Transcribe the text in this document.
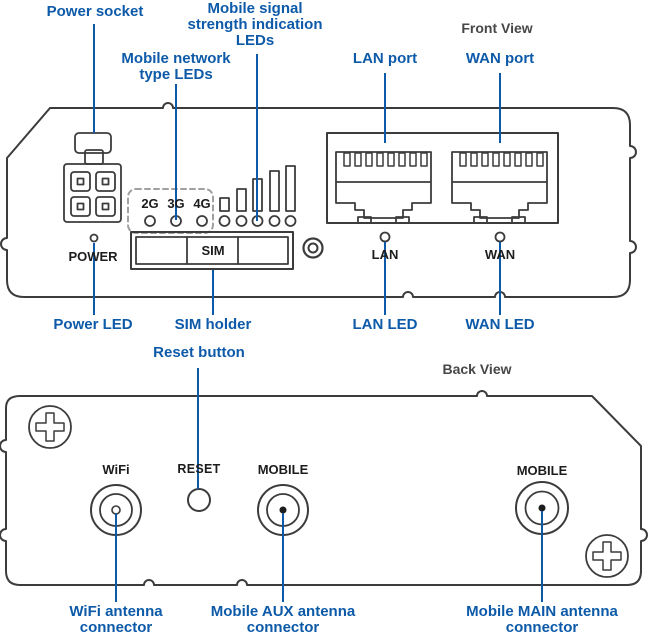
Front View
Back View
Power socket	Mobile signal
strength indication
LEDs
Mobile network
type LEDs
LAN port	WAN port
Power LED	SIM holder	LAN LED	WAN LED
Reset button
WiFi antenna
connector
Mobile AUX antenna
connector
Mobile MAIN antenna
connector
POWER
2G 3G 4G
SIM	LAN	WAN
WiFi	RESET	MOBILE	MOBILE
